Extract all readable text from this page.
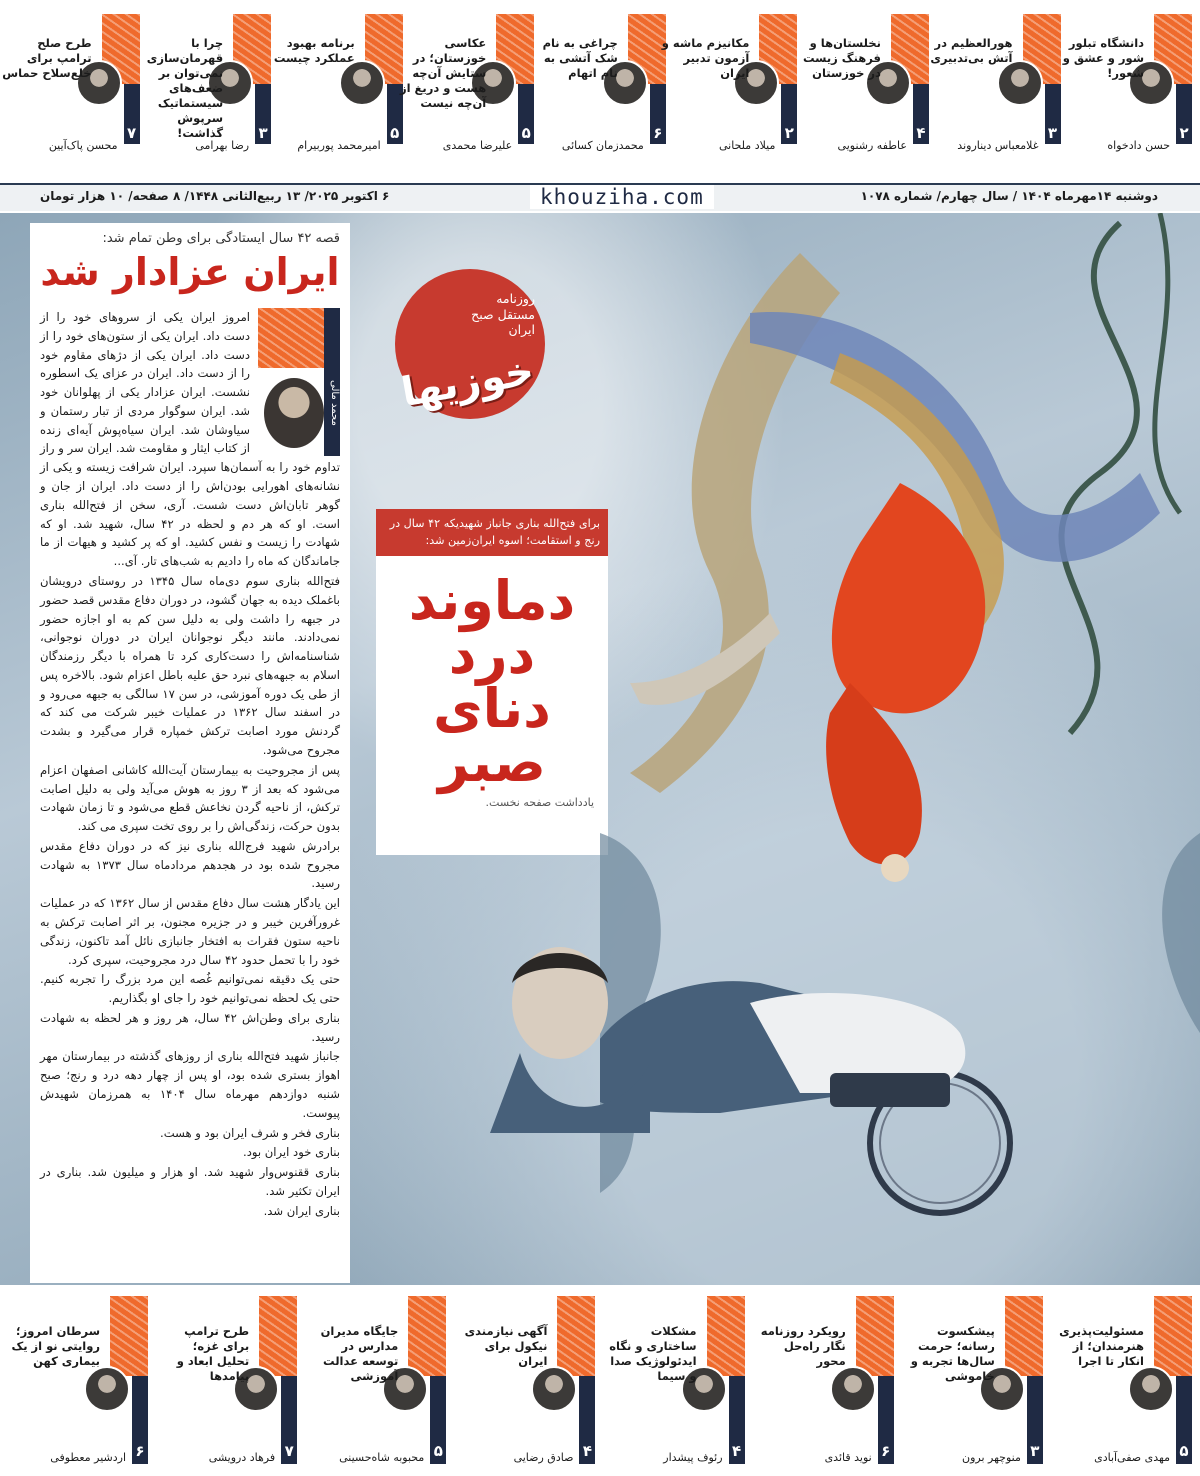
۷
طرح صلح ترامپ برای خلع‌سلاح حماس
محسن پاک‌آیین
۳
چرا با قهرمان‌سازی نمی‌توان بر ضعف‌های سیستماتیک سرپوش گذاشت!
رضا بهرامی
۵
برنامه بهبود عملکرد چیست
امیرمحمد پوربیرام
۵
عکاسی خوزستان؛ در ستایش آن‌چه هست و دریغ از آن‌چه نیست
علیرضا محمدی
۶
چراغی به نام شک آتشی به نام اتهام
محمدزمان کسائی
۲
مکانیزم ماشه و آزمون تدبیر ایران
میلاد ملحانی
۴
نخلستان‌ها و فرهنگ زیست در خوزستان
عاطفه رشنویی
۳
هورالعظیم در آتش بی‌تدبیری
غلامعباس دیناروند
۲
دانشگاه تبلور شور و عشق و شعور!
حسن دادخواه
دوشنبه ۱۴مهرماه ۱۴۰۴ / سال چهارم/ شماره ۱۰۷۸
khouziha.com
۶ اکتوبر ۲۰۲۵/ ۱۳ ربیع‌الثانی ۱۴۴۸/ ۸ صفحه/ ۱۰ هزار تومان
قصه ۴۲ سال ایستادگی برای وطن تمام شد:
ایران عزادار شد
محمد مالی

امروز ایران یکی از سروهای خود را از دست داد. ایران یکی از ستون‌های خود را از دست داد. ایران یکی از دژهای مقاوم خود را از دست داد. ایران در عزای یک اسطوره نشست. ایران عزادار یکی از پهلوانان خود شد. ایران سوگوار مردی از تبار رستمان و سیاوشان شد. ایران سیاه‌پوش آیه‌ای زنده از کتاب ایثار و مقاومت شد. ایران سر و راز تداوم خود را به آسمان‌ها سپرد. ایران شرافت زیسته و یکی از نشانه‌های اهورایی بودن‌اش را از دست داد. ایران از جان و گوهر تابان‌اش دست شست. آری، سخن از فتح‌الله بناری است. او که هر دم و لحظه در ۴۲ سال، شهید شد. او که شهادت را زیست و نفس کشید. او که پر کشید و هیهات از ما جاماندگان که ماه را دادیم به شب‌های تار. آی...

فتح‌الله بناری سوم دی‌ماه سال ۱۳۴۵ در روستای درویشان باغملک دیده به جهان گشود، در دوران دفاع مقدس قصد حضور در جبهه را داشت ولی به دلیل سن کم به او اجازه حضور نمی‌دادند. مانند دیگر نوجوانان ایران در دوران نوجوانی، شناسنامه‌اش را دست‌کاری کرد تا همراه با دیگر رزمندگان اسلام به جبهه‌های نبرد حق علیه باطل اعزام شود. بالاخره پس از طی یک دوره آموزشی، در سن ۱۷ سالگی به جبهه می‌رود و در اسفند سال ۱۳۶۲ در عملیات خیبر شرکت می کند که گردنش مورد اصابت ترکش خمپاره قرار می‌گیرد و بشدت مجروح می‌شود.

پس از مجروحیت به بیمارستان آیت‌الله کاشانی اصفهان اعزام می‌شود که بعد از ۳ روز به هوش می‌آید ولی به دلیل اصابت ترکش، از ناحیه گردن نخاعش قطع می‌شود و تا زمان شهادت بدون حرکت، زندگی‌اش را بر روی تخت سپری می کند.

برادرش شهید فرج‌الله بناری نیز که در دوران دفاع مقدس مجروح شده بود در هجدهم مردادماه سال ۱۳۷۳ به شهادت رسید.

این یادگار هشت سال دفاع مقدس از سال ۱۳۶۲ که در عملیات غرورآفرین خیبر و در جزیره مجنون، بر اثر اصابت ترکش به ناحیه ستون فقرات به افتخار جانبازی نائل آمد تاکنون، زندگی خود را با تحمل حدود ۴۲ سال درد مجروحیت، سپری کرد.

حتی یک دقیقه نمی‌توانیم غُصه این مرد بزرگ را تجربه کنیم. حتی یک لحظه نمی‌توانیم خود را جای او بگذاریم.

بناری برای وطن‌اش ۴۲ سال، هر روز و هر لحظه به شهادت رسید.

جانباز شهید فتح‌الله بناری از روزهای گذشته در بیمارستان مهر اهواز بستری شده بود، او پس از چهار دهه درد و رنج؛ صبح شنبه دوازدهم مهرماه سال ۱۴۰۴ به همرزمان شهیدش پیوست.

بناری فخر و شرف ایران بود و هست.

بناری خود ایران بود.

بناری ققنوس‌وار شهید شد. او هزار و میلیون شد. بناری در ایران تکثیر شد.

بناری ایران شد.

روزنامه مستقل صبح ایران
خوزیها
برای فتح‌الله بناری جانباز شهیدیکه ۴۲ سال در رنج و استقامت؛ اسوه ایران‌زمین شد:
دماوند
درد
دنای
صبر
یادداشت صفحه نخست.
۶
سرطان امروز؛ روایتی نو از یک بیماری کهن
اردشیر معطوفی	۷
طرح ترامپ برای غزه؛ تحلیل ابعاد و پیامدها
فرهاد درویشی	۵
جایگاه مدیران مدارس در توسعه عدالت آموزشی
محبوبه شاه‌حسینی	۴
آگهی نیازمندی نیکول برای ایران
صادق رضایی	۴
مشکلات ساختاری و نگاه ایدئولوژیک صدا و سیما
رئوف پیشدار	۶
رویکرد روزنامه نگار راه‌حل محور
نوید قائدی	۳
پیشکسوت رسانه؛ حرمت سال‌ها تجربه و خاموشی
منوچهر برون	۵
مسئولیت‌پذیری هنرمندان؛ از انکار تا اجرا
مهدی صفی‌آبادی
